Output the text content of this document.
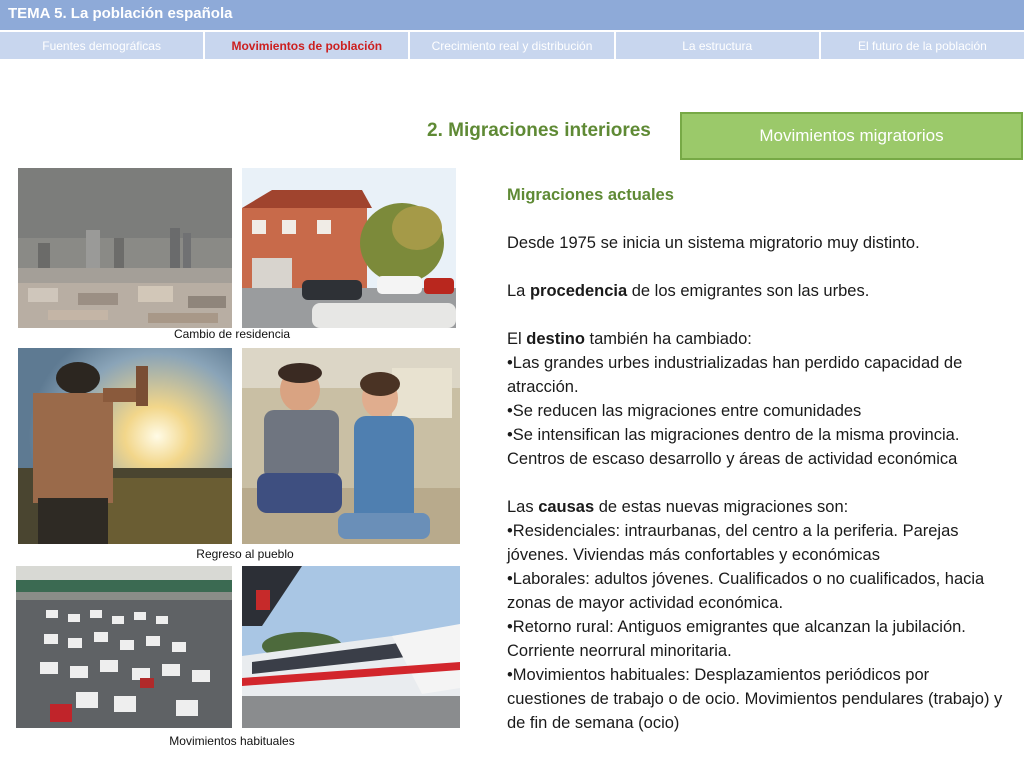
TEMA 5. La población española
Fuentes demográficas	Movimientos de población	Crecimiento real y distribución	La estructura	El futuro de la población
2. Migraciones interiores	Movimientos migratorios
Cambio de residencia
Regreso al pueblo
Movimientos habituales

Migraciones actuales

Desde 1975 se inicia un sistema migratorio muy distinto.

La procedencia de los emigrantes son las urbes.

El destino también ha cambiado:

•Las grandes urbes industrializadas han perdido capacidad de atracción.

•Se reducen las migraciones entre comunidades

•Se intensifican las migraciones dentro de la misma provincia. Centros de escaso desarrollo y áreas de actividad económica

Las causas de estas nuevas migraciones son:

•Residenciales: intraurbanas, del centro a la periferia. Parejas jóvenes. Viviendas más confortables y económicas

•Laborales: adultos jóvenes. Cualificados o no cualificados, hacia zonas de mayor actividad económica.

•Retorno rural: Antiguos emigrantes que alcanzan la jubilación. Corriente neorrural minoritaria.

•Movimientos habituales: Desplazamientos periódicos por cuestiones de trabajo o de ocio. Movimientos pendulares (trabajo) y de fin de semana (ocio)
